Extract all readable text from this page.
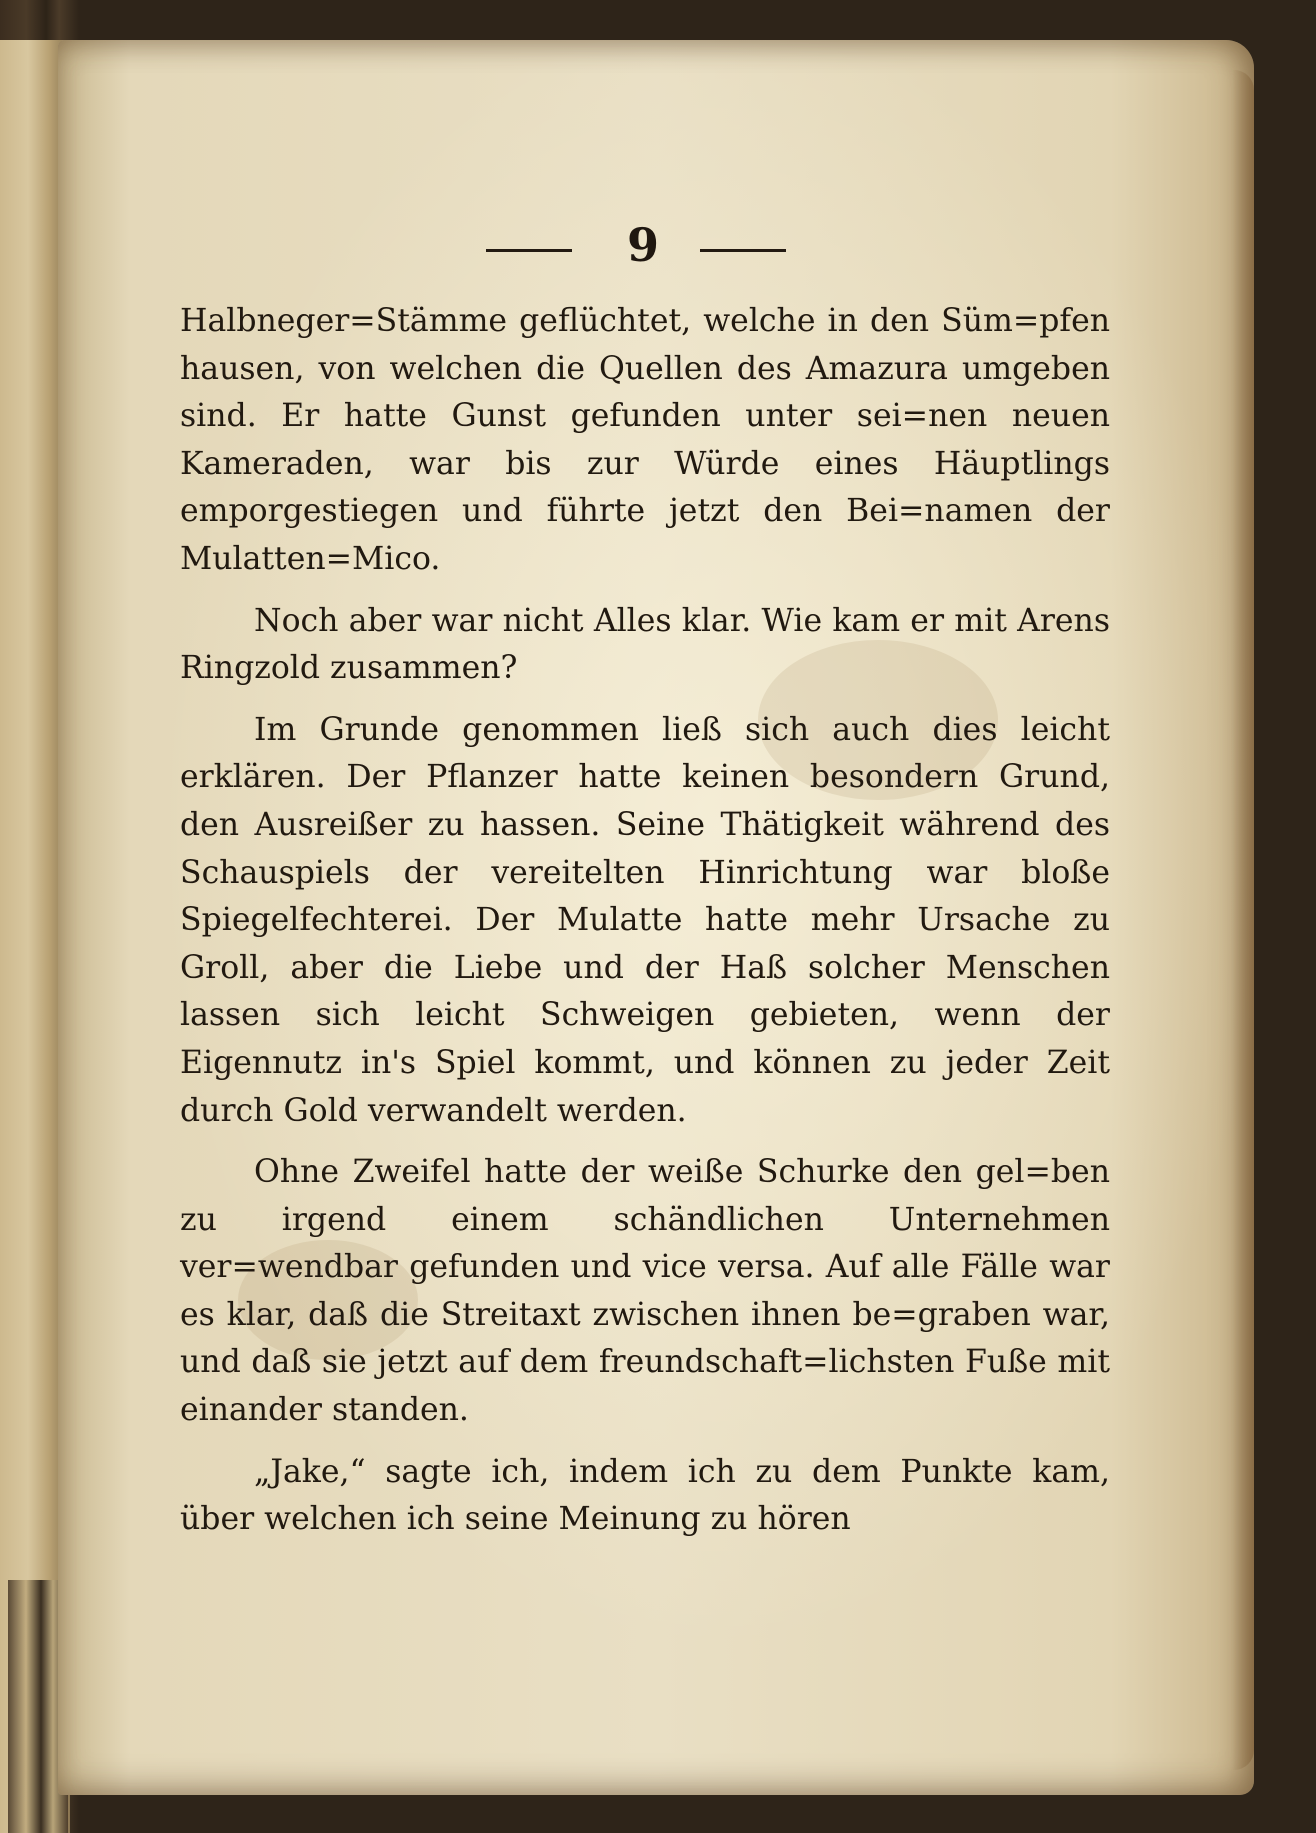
9

Halbneger=Stämme geflüchtet, welche in den Süm=pfen hausen, von welchen die Quellen des Amazura umgeben sind. Er hatte Gunst gefunden unter sei=nen neuen Kameraden, war bis zur Würde eines Häuptlings emporgestiegen und führte jetzt den Bei=namen der Mulatten=Mico.

Noch aber war nicht Alles klar. Wie kam er mit Arens Ringzold zusammen?

Im Grunde genommen ließ sich auch dies leicht erklären. Der Pflanzer hatte keinen besondern Grund, den Ausreißer zu hassen. Seine Thätigkeit während des Schauspiels der vereitelten Hinrichtung war bloße Spiegelfechterei. Der Mulatte hatte mehr Ursache zu Groll, aber die Liebe und der Haß solcher Menschen lassen sich leicht Schweigen gebieten, wenn der Eigennutz in's Spiel kommt, und können zu jeder Zeit durch Gold verwandelt werden.

Ohne Zweifel hatte der weiße Schurke den gel=ben zu irgend einem schändlichen Unternehmen ver=wendbar gefunden und vice versa. Auf alle Fälle war es klar, daß die Streitaxt zwischen ihnen be=graben war, und daß sie jetzt auf dem freundschaft=lichsten Fuße mit einander standen.

„Jake,“ sagte ich, indem ich zu dem Punkte kam, über welchen ich seine Meinung zu hören
